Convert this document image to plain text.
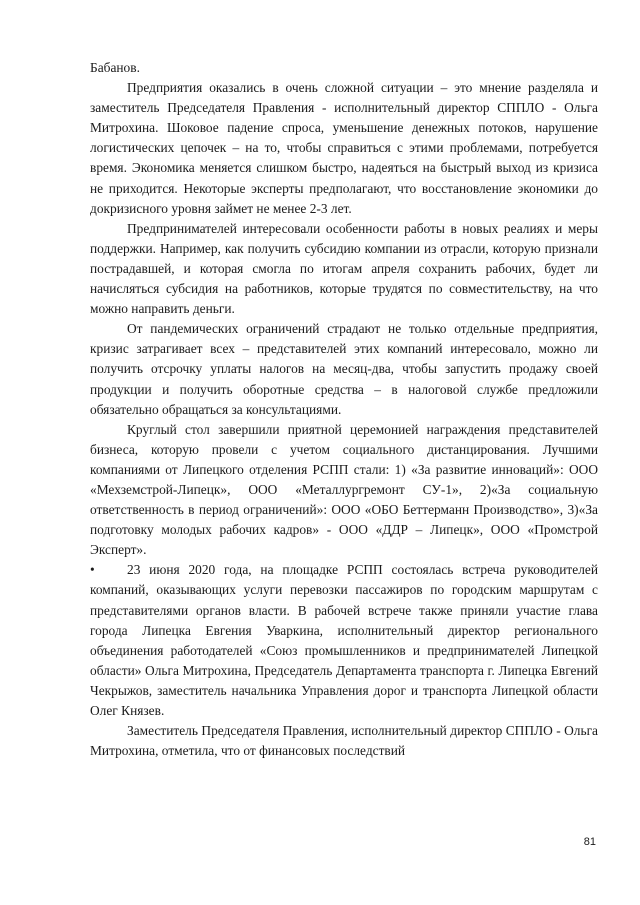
Бабанов.

Предприятия оказались в очень сложной ситуации – это мнение разделяла и заместитель Председателя Правления - исполнительный директор СППЛО - Ольга Митрохина. Шоковое падение спроса, уменьшение денежных потоков, нарушение логистических цепочек – на то, чтобы справиться с этими проблемами, потребуется время. Экономика меняется слишком быстро, надеяться на быстрый выход из кризиса не приходится. Некоторые эксперты предполагают, что восстановление экономики до докризисного уровня займет не менее 2-3 лет.

Предпринимателей интересовали особенности работы в новых реалиях и меры поддержки. Например, как получить субсидию компании из отрасли, которую признали пострадавшей, и которая смогла по итогам апреля сохранить рабочих, будет ли начисляться субсидия на работников, которые трудятся по совместительству, на что можно направить деньги.

От пандемических ограничений страдают не только отдельные предприятия, кризис затрагивает всех – представителей этих компаний интересовало, можно ли получить отсрочку уплаты налогов на месяц-два, чтобы запустить продажу своей продукции и получить оборотные средства – в налоговой службе предложили обязательно обращаться за консультациями.

Круглый стол завершили приятной церемонией награждения представителей бизнеса, которую провели с учетом социального дистанцирования. Лучшими компаниями от Липецкого отделения РСПП стали: 1) «За развитие инноваций»: ООО «Мехземстрой-Липецк», ООО «Металлургремонт СУ-1», 2)«За социальную ответственность в период ограничений»: ООО «ОБО Беттерманн Производство», 3)«За подготовку молодых рабочих кадров» - ООО «ДДР – Липецк», ООО «Промстрой Эксперт».

• 23 июня 2020 года, на площадке РСПП состоялась встреча руководителей компаний, оказывающих услуги перевозки пассажиров по городским маршрутам с представителями органов власти. В рабочей встрече также приняли участие глава города Липецка Евгения Уваркина, исполнительный директор регионального объединения работодателей «Союз промышленников и предпринимателей Липецкой области» Ольга Митрохина, Председатель Департамента транспорта г. Липецка Евгений Чекрыжов, заместитель начальника Управления дорог и транспорта Липецкой области Олег Князев.

Заместитель Председателя Правления, исполнительный директор СППЛО - Ольга Митрохина, отметила, что от финансовых последствий

81
